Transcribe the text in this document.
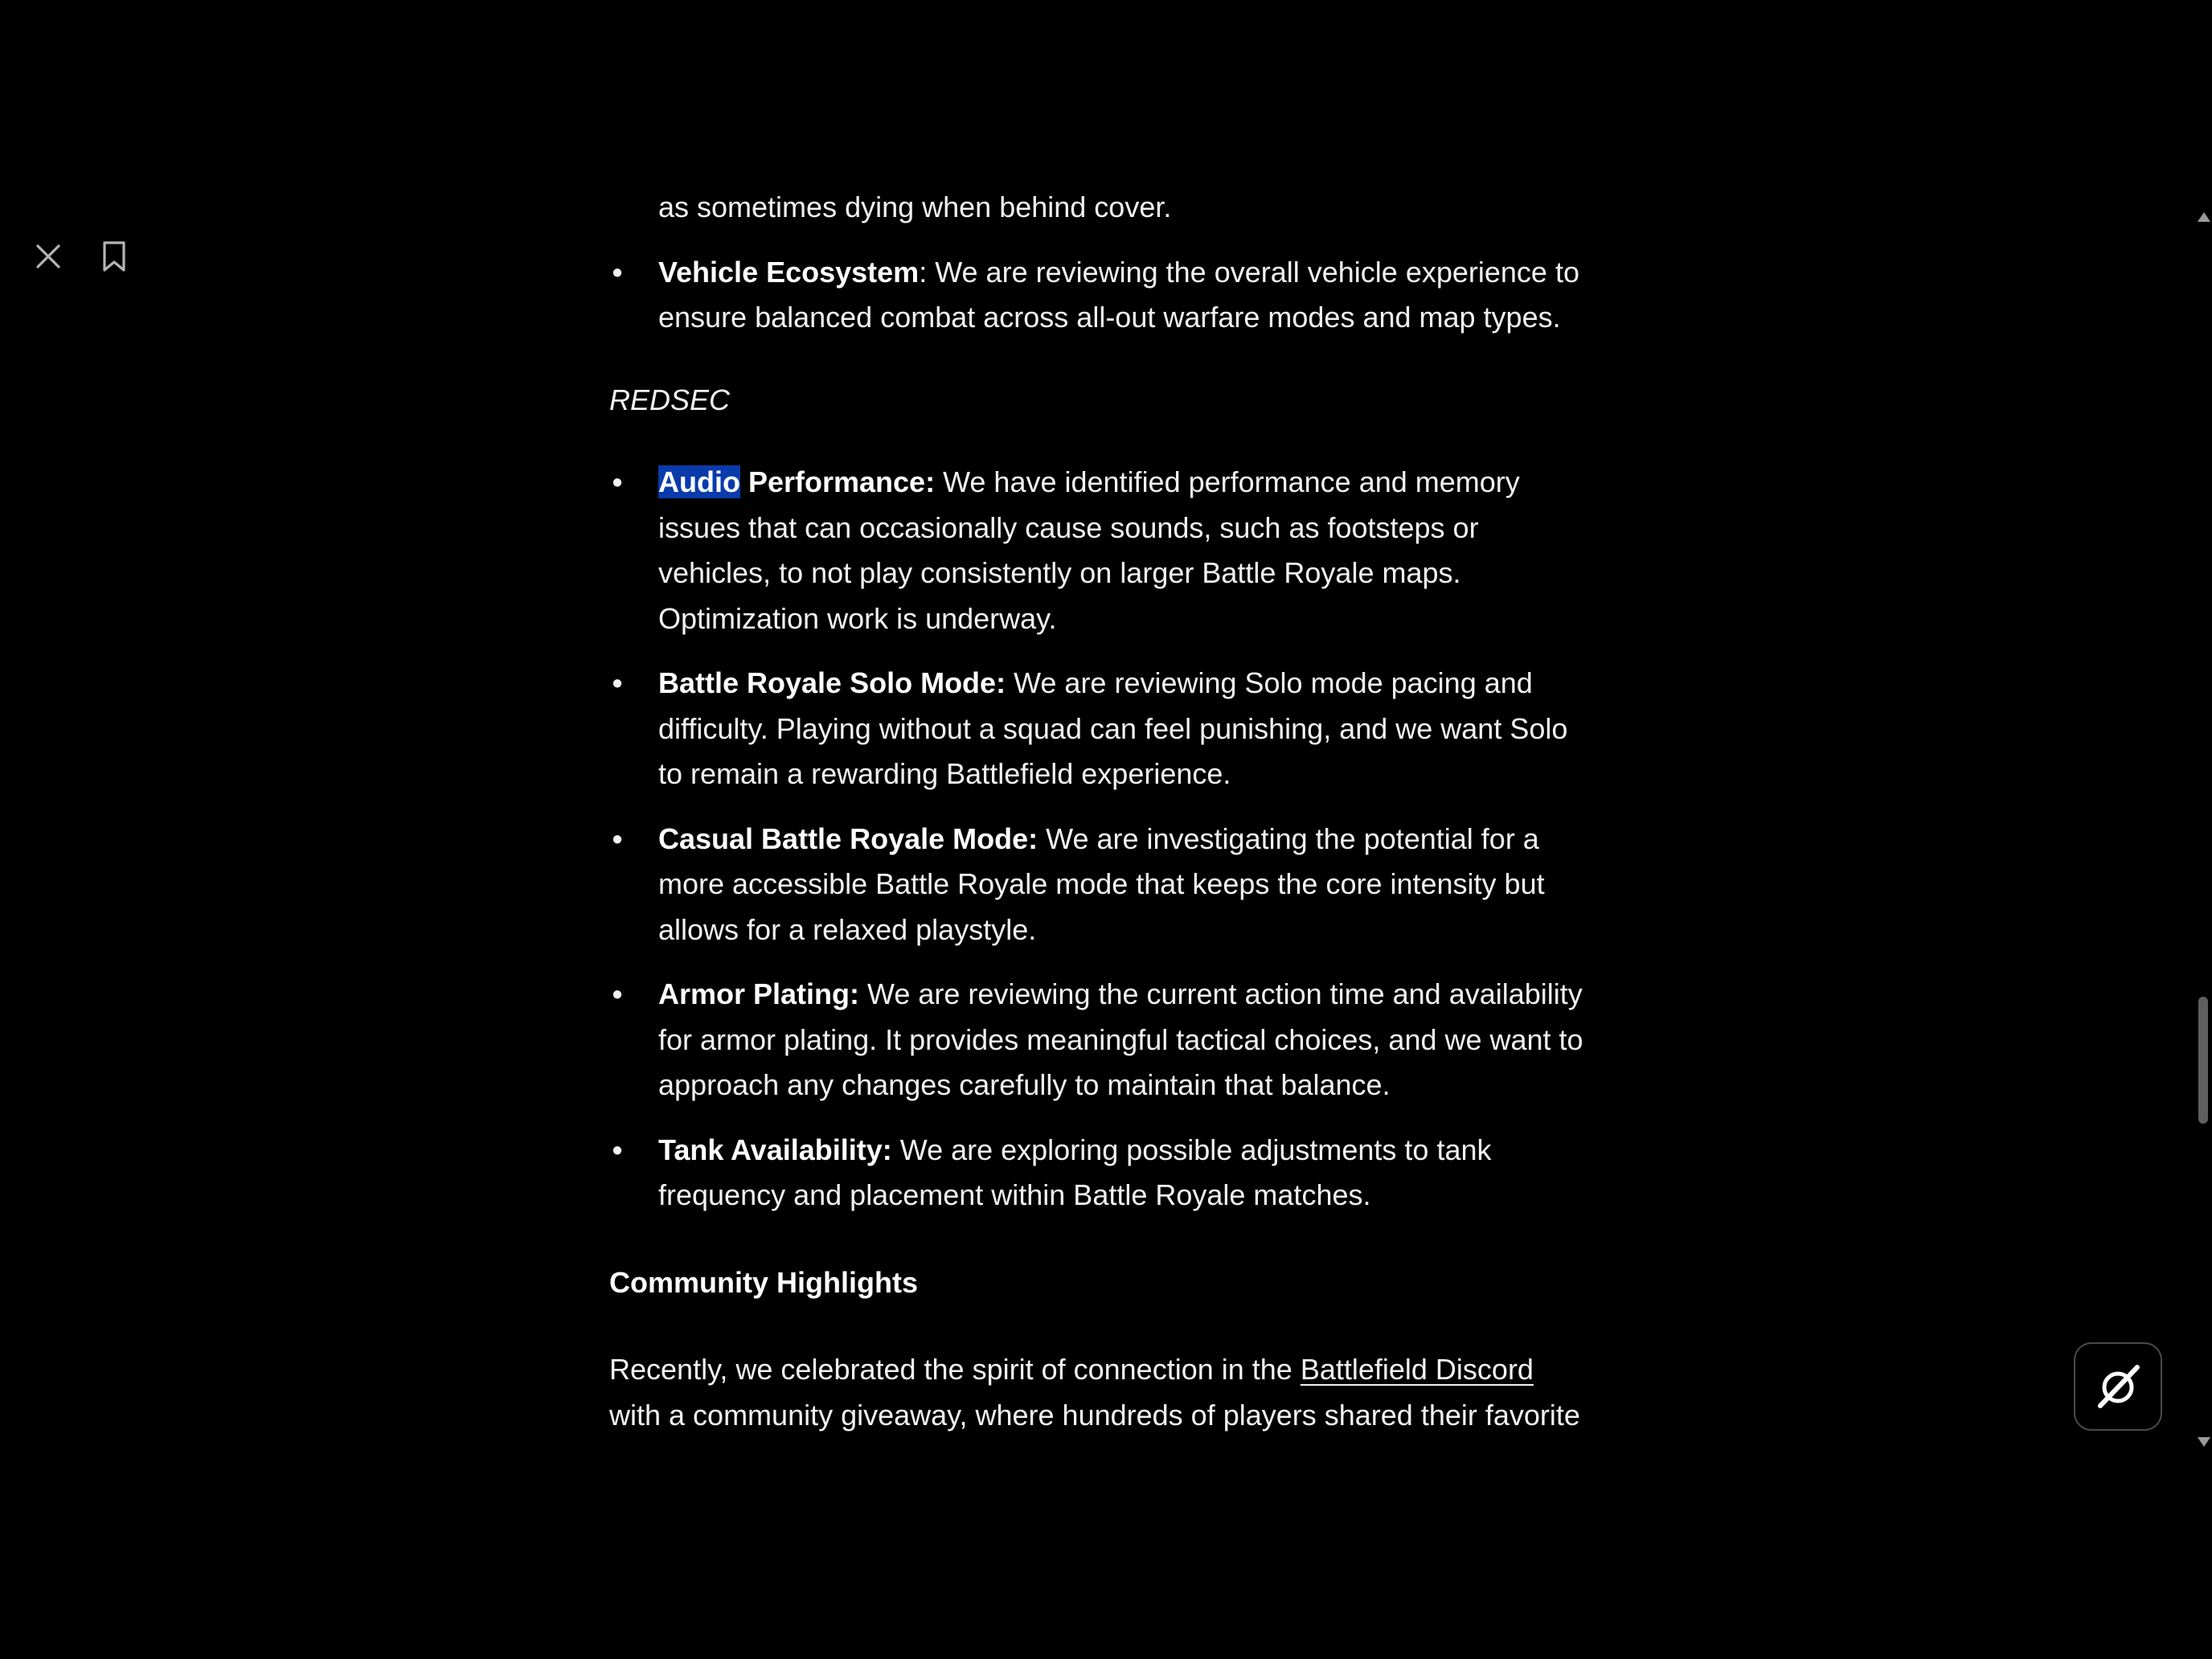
as sometimes dying when behind cover.
• Vehicle Ecosystem: We are reviewing the overall vehicle experience to ensure balanced combat across all-out warfare modes and map types.

REDSEC

• Audio Performance: We have identified performance and memory issues that can occasionally cause sounds, such as footsteps or vehicles, to not play consistently on larger Battle Royale maps. Optimization work is underway.
• Battle Royale Solo Mode: We are reviewing Solo mode pacing and difficulty. Playing without a squad can feel punishing, and we want Solo to remain a rewarding Battlefield experience.
• Casual Battle Royale Mode: We are investigating the potential for a more accessible Battle Royale mode that keeps the core intensity but allows for a relaxed playstyle.
• Armor Plating: We are reviewing the current action time and availability for armor plating. It provides meaningful tactical choices, and we want to approach any changes carefully to maintain that balance.
• Tank Availability: We are exploring possible adjustments to tank frequency and placement within Battle Royale matches.

Community Highlights

Recently, we celebrated the spirit of connection in the Battlefield Discord with a community giveaway, where hundreds of players shared their favorite
